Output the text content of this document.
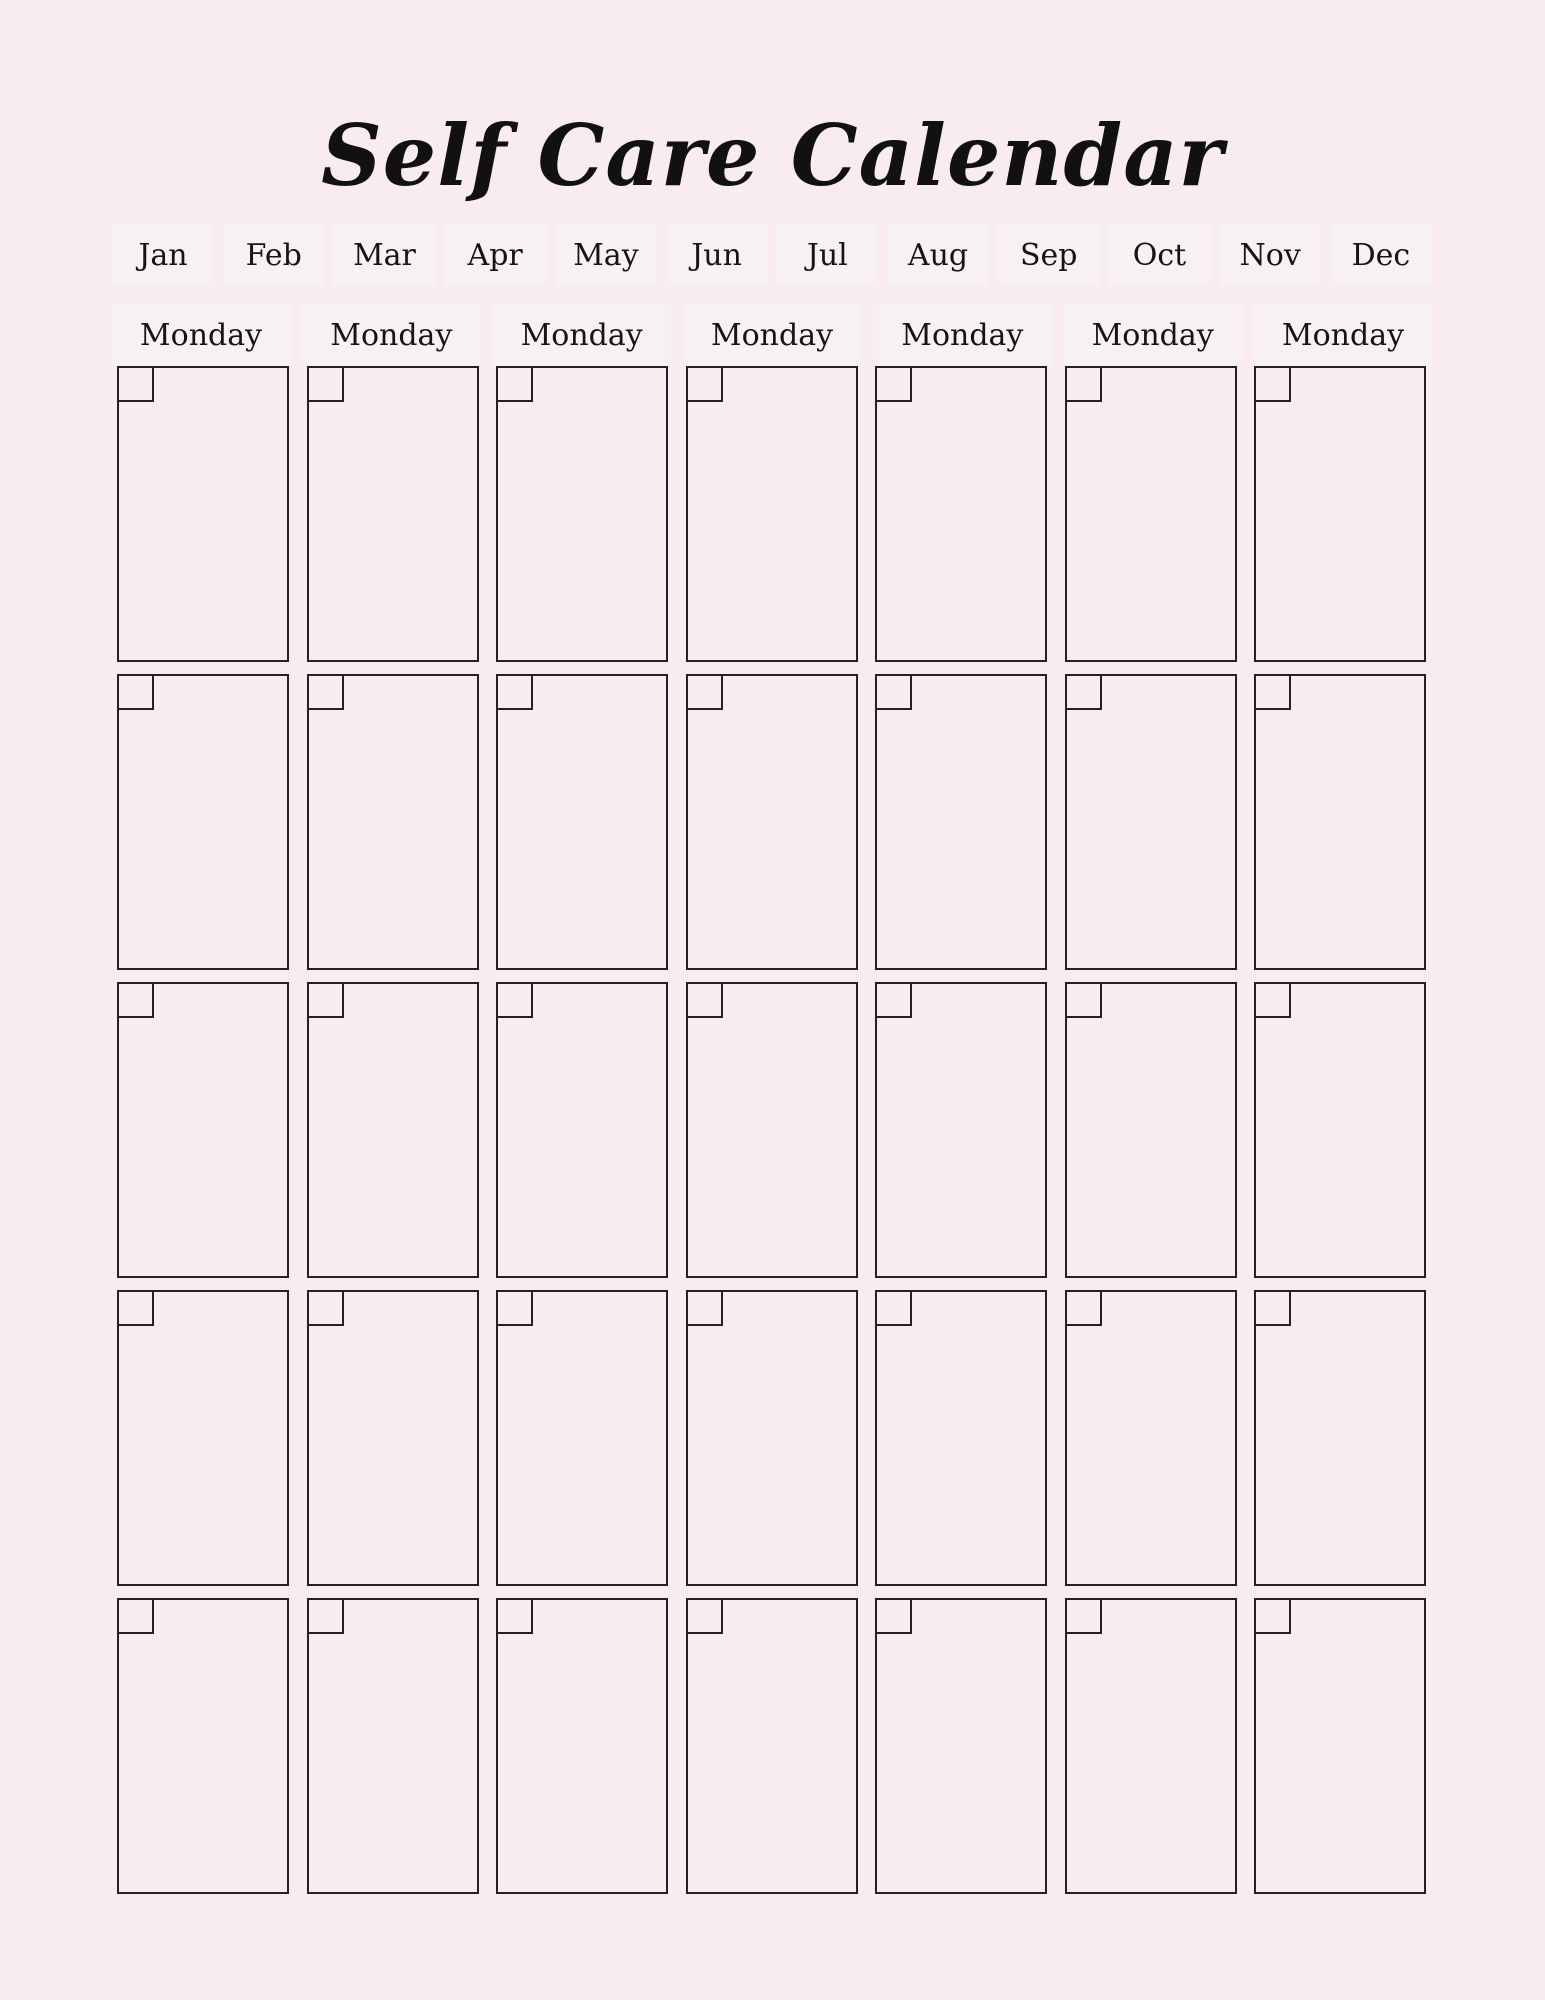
Self Care Calendar
Jan	Feb	Mar	Apr	May	Jun	Jul	Aug	Sep	Oct	Nov	Dec
Monday	Monday	Monday	Monday	Monday	Monday	Monday
